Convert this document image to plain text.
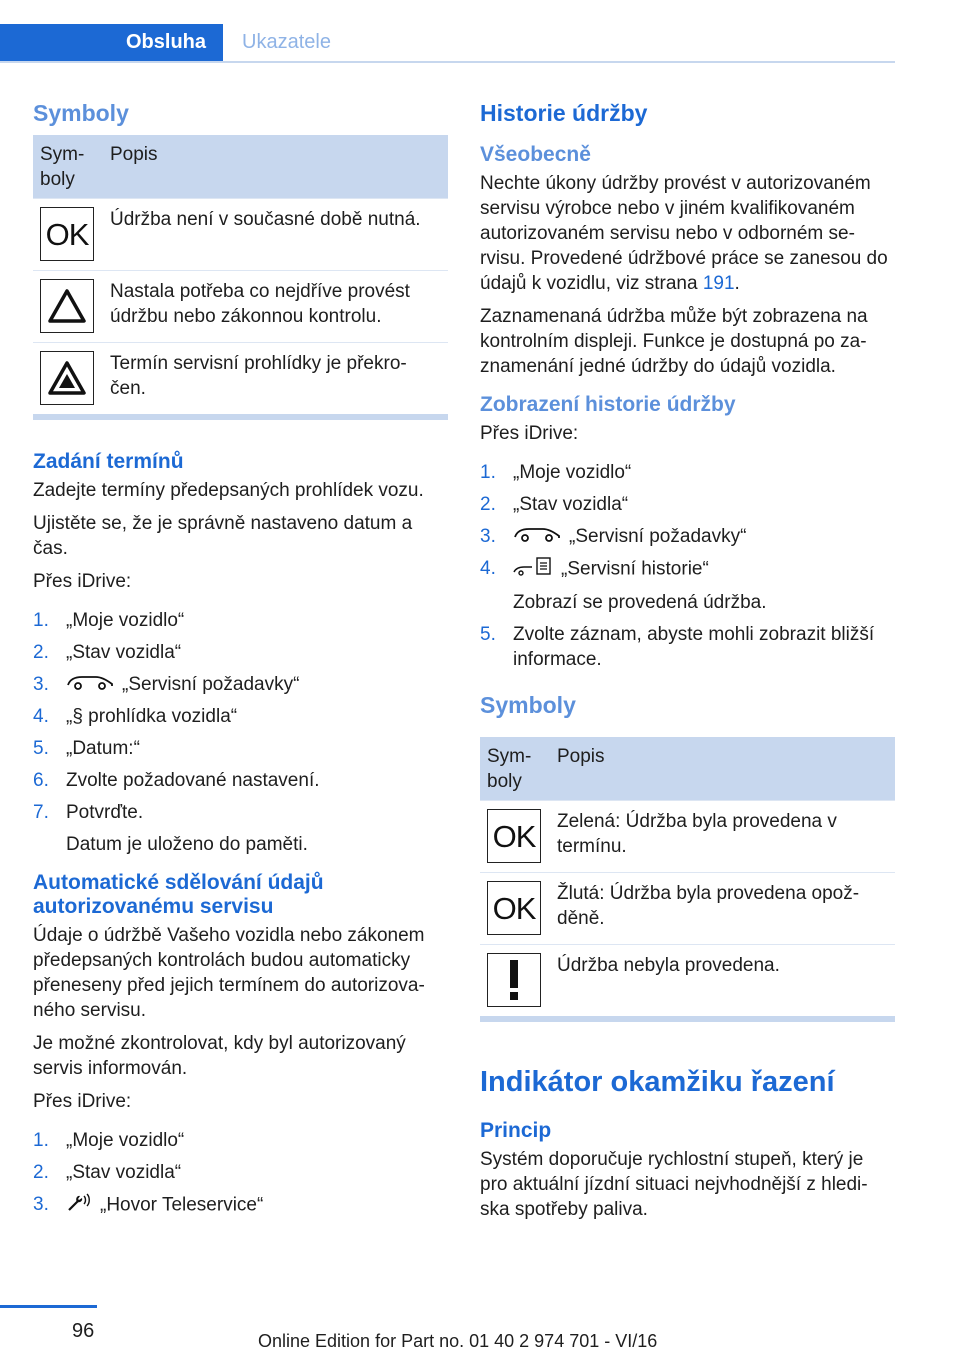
Obsluha Ukazatele
Symboly
Sym-
boly	Popis

OK	Údržba není v současné době nutná.

	Nastala potřeba co nejdříve provést údržbu nebo zákonnou kontrolu.

	Termín servisní prohlídky je překro-čen.
Zadání termínů

Zadejte termíny předepsaných prohlídek vozu.

Ujistěte se, že je správně nastaveno datum a čas.

Přes iDrive:

1. „Moje vozidlo“
2. „Stav vozidla“
3.	„Servisní požadavky“
4. „§ prohlídka vozidla“
5. „Datum:“
6. Zvolte požadované nastavení.
7. Potvrďte.
Datum je uloženo do paměti.
Automatické sdělování údajů autorizovanému servisu

Údaje o údržbě Vašeho vozidla nebo zákonem předepsaných kontrolách budou automaticky přeneseny před jejich termínem do autorizova-ného servisu.

Je možné zkontrolovat, kdy byl autorizovaný servis informován.

Přes iDrive:

1. „Moje vozidlo“
2. „Stav vozidla“
3.	„Hovor Teleservice“
Historie údržby
Všeobecně

Nechte úkony údržby provést v autorizovaném servisu výrobce nebo v jiném kvalifikovaném autorizovaném servisu nebo v odborném se-rvisu. Provedené údržbové práce se zanesou do údajů k vozidlu, viz strana 191.

Zaznamenaná údržba může být zobrazena na kontrolním displeji. Funkce je dostupná po za-znamenání jedné údržby do údajů vozidla.

Zobrazení historie údržby

Přes iDrive:

1. „Moje vozidlo“
2. „Stav vozidla“
3.	„Servisní požadavky“
4.	„Servisní historie“
Zobrazí se provedená údržba.
5. Zvolte záznam, abyste mohli zobrazit bližší informace.
Symboly
Sym-
boly	Popis

OK	Zelená: Údržba byla provedena v termínu.

OK	Žlutá: Údržba byla provedena opož-děně.

	Údržba nebyla provedena.
Indikátor okamžiku řazení
Princip

Systém doporučuje rychlostní stupeň, který je pro aktuální jízdní situaci nejvhodnější z hledi-ska spotřeby paliva.

96	Online Edition for Part no. 01 40 2 974 701 - VI/16
